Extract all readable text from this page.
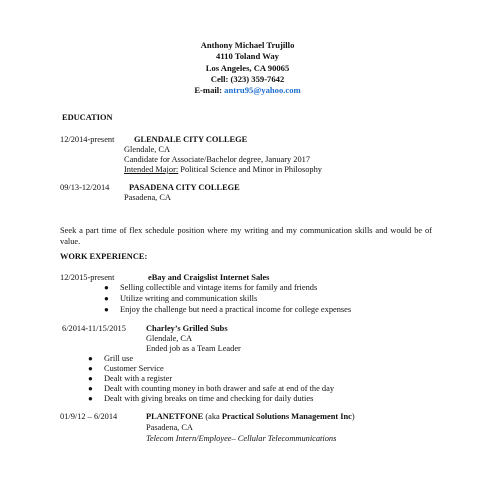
Anthony Michael Trujillo
4110 Toland Way
Los Angeles, CA 90065
Cell: (323) 359-7642
E-mail: antru95@yahoo.com
EDUCATION
12/2014-present GLENDALE CITY COLLEGE
Glendale, CA
Candidate for Associate/Bachelor degree, January 2017
Intended Major: Political Science and Minor in Philosophy
09/13-12/2014 PASADENA CITY COLLEGE
Pasadena, CA
Seek a part time of flex schedule position where my writing and my communication skills and would be of value.
WORK EXPERIENCE:
12/2015-present	eBay and Craigslist Internet Sales
● Selling collectible and vintage items for family and friends
● Utilize writing and communication skills
● Enjoy the challenge but need a practical income for college expenses
6/2014-11/15/2015 Charley’s Grilled Subs
Glendale, CA
Ended job as a Team Leader
● Grill use
● Customer Service
● Dealt with a register
● Dealt with counting money in both drawer and safe at end of the day
● Dealt with giving breaks on time and checking for daily duties
01/9/12 – 6/2014	PLANETFONE (aka Practical Solutions Management Inc)
Pasadena, CA
Telecom Intern/Employee– Cellular Telecommunications
